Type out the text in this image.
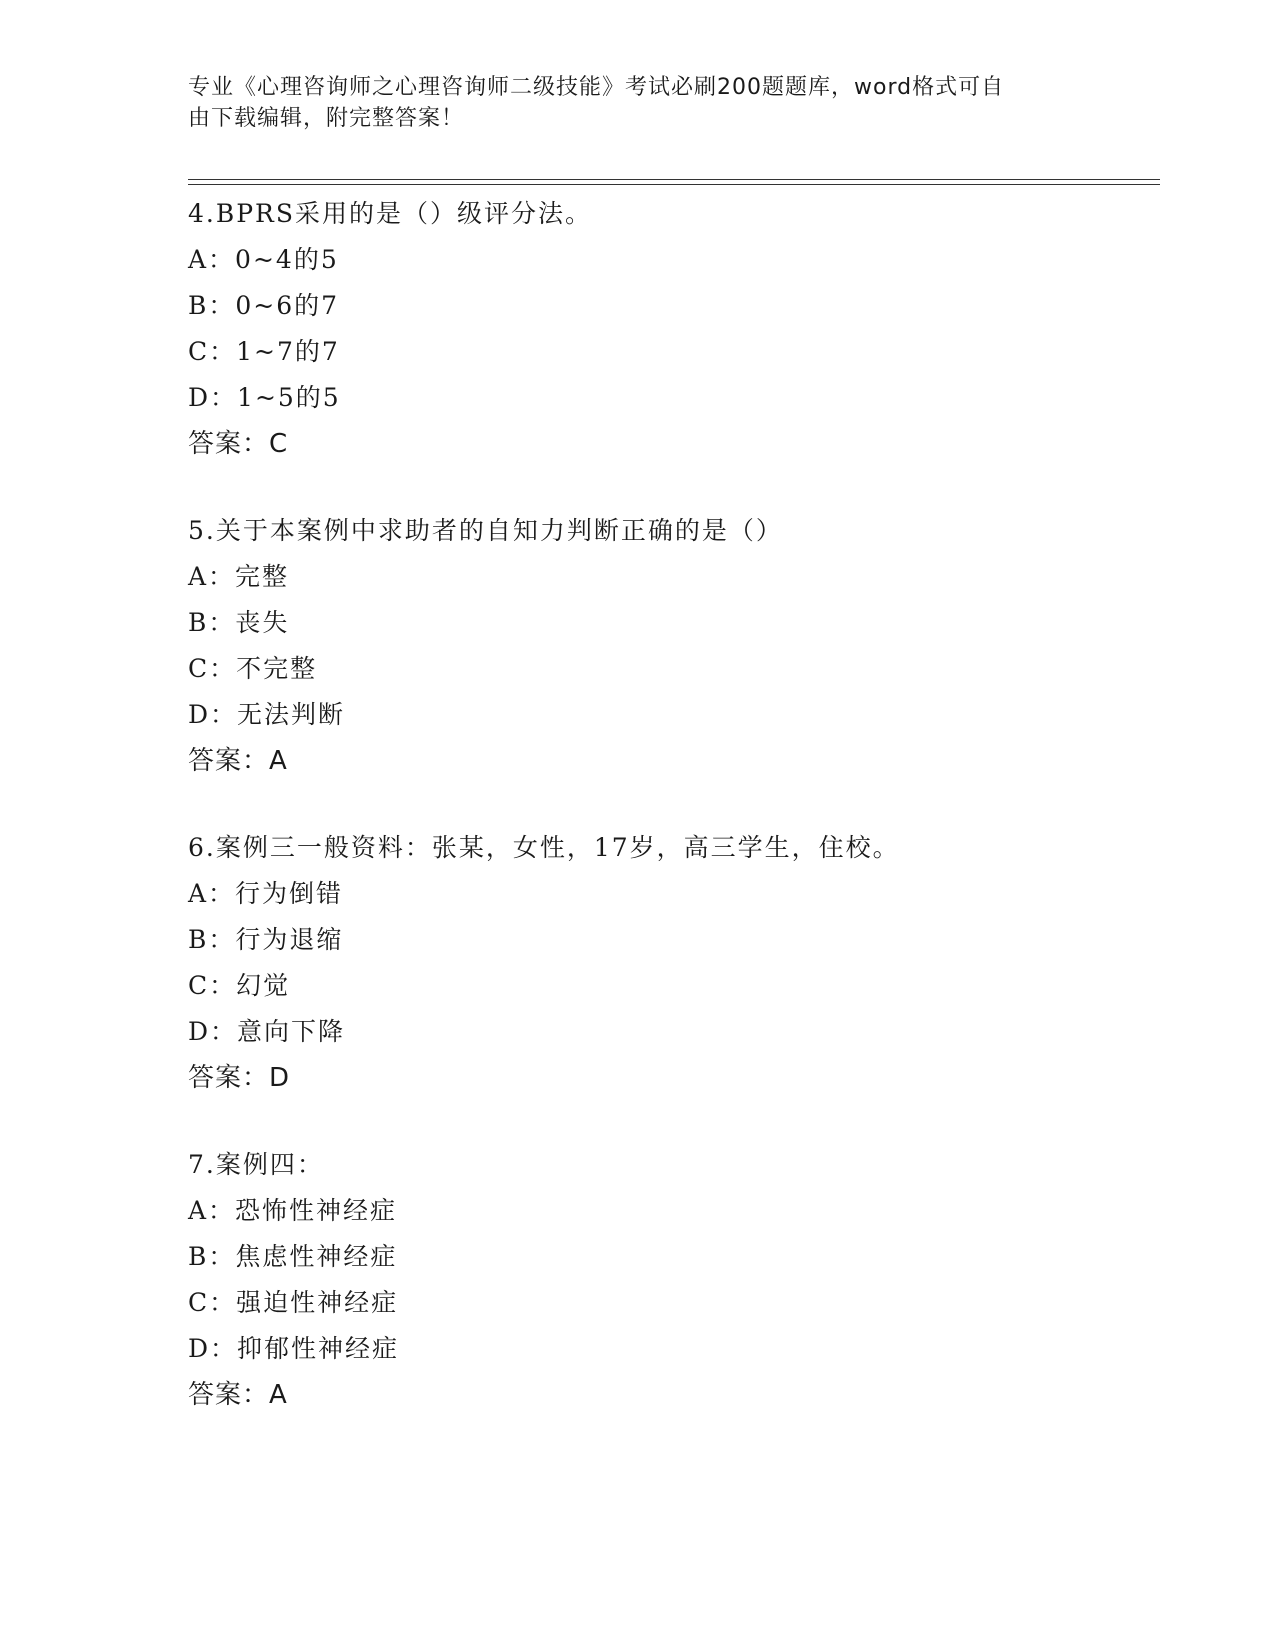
专业《心理咨询师之心理咨询师二级技能》考试必刷200题题库，word格式可自
由下载编辑，附完整答案！
4.BPRS采用的是（）级评分法。
A：0~4的5
B：0~6的7
C：1~7的7
D：1~5的5
答案：C
5.关于本案例中求助者的自知力判断正确的是（）
A：完整
B：丧失
C：不完整
D：无法判断
答案：A
6.案例三一般资料：张某，女性，17岁，高三学生，住校。
A：行为倒错
B：行为退缩
C：幻觉
D：意向下降
答案：D
7.案例四：
A：恐怖性神经症
B：焦虑性神经症
C：强迫性神经症
D：抑郁性神经症
答案：A
